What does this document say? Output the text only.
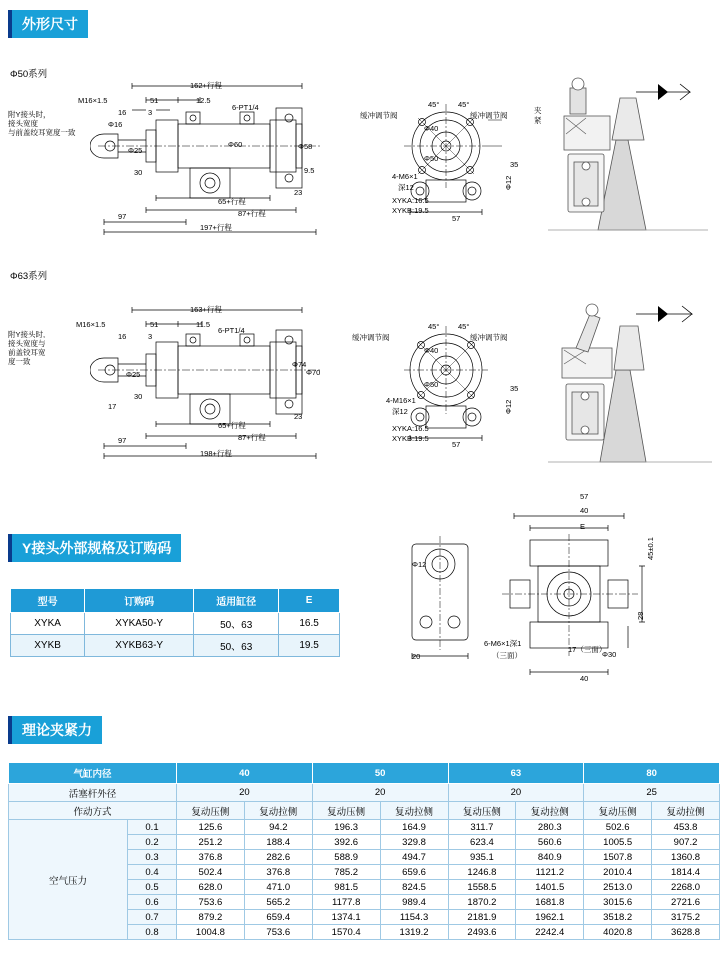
外形尺寸
Φ50系列
162+行程
51	12.5
M16×1.5
16	3
6-PT1/4
Φ60	Φ58
9.5
30
23
65+行程
87+行程
97
197+行程
Φ25
Φ16
附Y接头时，
接头宽度
与前盖绞耳宽度一致
缓冲调节阀	缓冲调节阀
45° 45°
Φ40
Φ50
4-M6×1
深12
XYKA:16.5
XYKB:19.5
35
Φ12
57
夹
紧
Φ63系列
163+行程
51	11.5
M16×1.5
16	3
6-PT1/4
Φ74
Φ70
30
23
65+行程
87+行程
97
198+行程
Φ25
17
附Y接头时,
接头宽度与
前盖铰耳宽
度一致
缓冲调节阀	缓冲调节阀
45° 45°
Φ40
Φ50
4-M16×1
深12
XYKA:16.5
XYKB:19.5
35
Φ12
57
Y接头外部规格及订购码
型号	订购码	适用缸径	E
XYKA	XYKA50-Y	50、63	16.5
XYKB	XYKB63-Y	50、63	19.5
57
40
E
Φ12
45±0.1
28
17（三面）
Φ30
40
20
6-M6×1深1
（三面）
理论夹紧力
气缸内径		40		50		63		80	
活塞杆外径		20		20		20		25	
作动方式		复动压侧	复动拉侧	复动压侧	复动拉侧	复动压侧	复动拉侧	复动压侧	复动拉侧
空气压力	0.1	125.6	94.2	196.3	164.9	311.7	280.3	502.6	453.8
	0.2	251.2	188.4	392.6	329.8	623.4	560.6	1005.5	907.2
	0.3	376.8	282.6	588.9	494.7	935.1	840.9	1507.8	1360.8
	0.4	502.4	376.8	785.2	659.6	1246.8	1121.2	2010.4	1814.4
	0.5	628.0	471.0	981.5	824.5	1558.5	1401.5	2513.0	2268.0
	0.6	753.6	565.2	1177.8	989.4	1870.2	1681.8	3015.6	2721.6
	0.7	879.2	659.4	1374.1	1154.3	2181.9	1962.1	3518.2	3175.2
	0.8	1004.8	753.6	1570.4	1319.2	2493.6	2242.4	4020.8	3628.8
